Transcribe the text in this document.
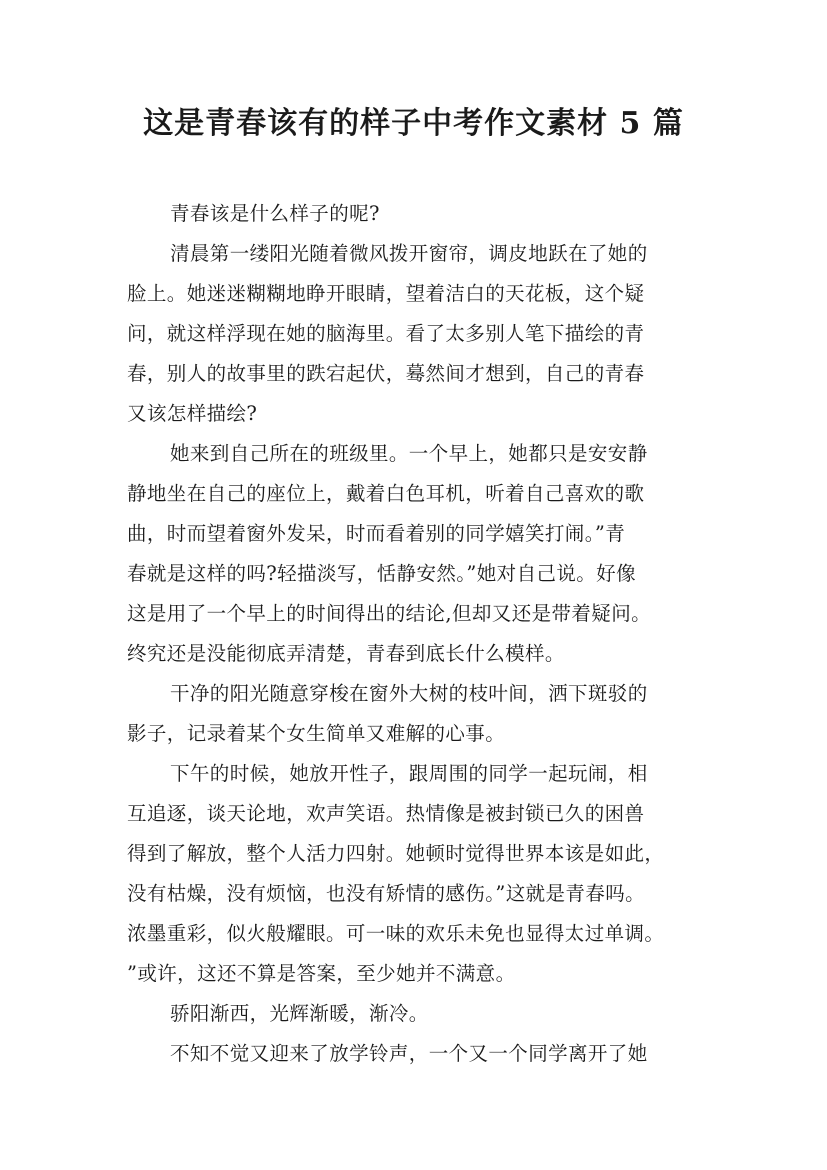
这是青春该有的样子中考作文素材 5 篇
青春该是什么样子的呢?
清晨第一缕阳光随着微风拨开窗帘，调皮地跃在了她的
脸上。她迷迷糊糊地睁开眼睛，望着洁白的天花板，这个疑
问，就这样浮现在她的脑海里。看了太多别人笔下描绘的青
春，别人的故事里的跌宕起伏，蓦然间才想到，自己的青春
又该怎样描绘?
她来到自己所在的班级里。一个早上，她都只是安安静
静地坐在自己的座位上，戴着白色耳机，听着自己喜欢的歌
曲，时而望着窗外发呆，时而看着别的同学嬉笑打闹。”青
春就是这样的吗?轻描淡写，恬静安然。”她对自己说。好像
这是用了一个早上的时间得出的结论,但却又还是带着疑问。
终究还是没能彻底弄清楚，青春到底长什么模样。
干净的阳光随意穿梭在窗外大树的枝叶间，洒下斑驳的
影子，记录着某个女生简单又难解的心事。
下午的时候，她放开性子，跟周围的同学一起玩闹，相
互追逐，谈天论地，欢声笑语。热情像是被封锁已久的困兽
得到了解放，整个人活力四射。她顿时觉得世界本该是如此，
没有枯燥，没有烦恼，也没有矫情的感伤。”这就是青春吗。
浓墨重彩，似火般耀眼。可一味的欢乐未免也显得太过单调。
”或许，这还不算是答案，至少她并不满意。
骄阳渐西，光辉渐暖，渐冷。
不知不觉又迎来了放学铃声，一个又一个同学离开了她
